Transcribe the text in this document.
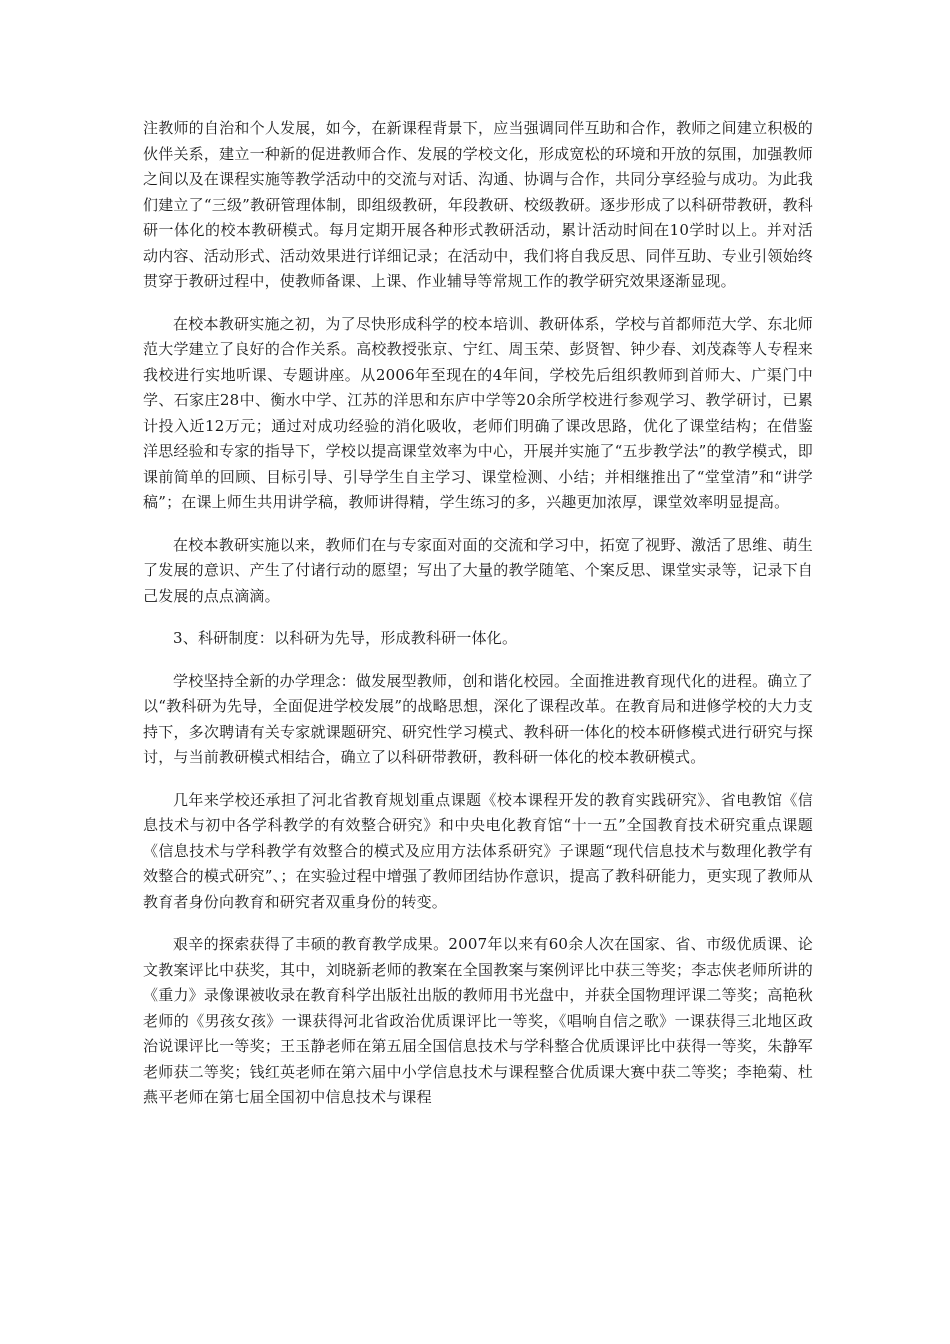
注教师的自治和个人发展，如今，在新课程背景下，应当强调同伴互助和合作，教师之间建立积极的伙伴关系，建立一种新的促进教师合作、发展的学校文化，形成宽松的环境和开放的氛围，加强教师之间以及在课程实施等教学活动中的交流与对话、沟通、协调与合作，共同分享经验与成功。为此我们建立了“三级”教研管理体制，即组级教研，年段教研、校级教研。逐步形成了以科研带教研，教科研一体化的校本教研模式。每月定期开展各种形式教研活动，累计活动时间在10学时以上。并对活动内容、活动形式、活动效果进行详细记录；在活动中，我们将自我反思、同伴互助、专业引领始终贯穿于教研过程中，使教师备课、上课、作业辅导等常规工作的教学研究效果逐渐显现。

在校本教研实施之初，为了尽快形成科学的校本培训、教研体系，学校与首都师范大学、东北师范大学建立了良好的合作关系。高校教授张京、宁红、周玉荣、彭贤智、钟少春、刘茂森等人专程来我校进行实地听课、专题讲座。从2006年至现在的4年间，学校先后组织教师到首师大、广渠门中学、石家庄28中、衡水中学、江苏的洋思和东庐中学等20余所学校进行参观学习、教学研讨，已累计投入近12万元；通过对成功经验的消化吸收，老师们明确了课改思路，优化了课堂结构；在借鉴洋思经验和专家的指导下，学校以提高课堂效率为中心，开展并实施了“五步教学法”的教学模式，即课前简单的回顾、目标引导、引导学生自主学习、课堂检测、小结；并相继推出了“堂堂清”和“讲学稿”；在课上师生共用讲学稿，教师讲得精，学生练习的多，兴趣更加浓厚，课堂效率明显提高。

在校本教研实施以来，教师们在与专家面对面的交流和学习中，拓宽了视野、激活了思维、萌生了发展的意识、产生了付诸行动的愿望；写出了大量的教学随笔、个案反思、课堂实录等，记录下自己发展的点点滴滴。

3、科研制度：以科研为先导，形成教科研一体化。

学校坚持全新的办学理念：做发展型教师，创和谐化校园。全面推进教育现代化的进程。确立了以“教科研为先导，全面促进学校发展”的战略思想，深化了课程改革。在教育局和进修学校的大力支持下，多次聘请有关专家就课题研究、研究性学习模式、教科研一体化的校本研修模式进行研究与探讨，与当前教研模式相结合，确立了以科研带教研，教科研一体化的校本教研模式。

几年来学校还承担了河北省教育规划重点课题《校本课程开发的教育实践研究》、省电教馆《信息技术与初中各学科教学的有效整合研究》和中央电化教育馆“十一五”全国教育技术研究重点课题《信息技术与学科教学有效整合的模式及应用方法体系研究》子课题“现代信息技术与数理化教学有效整合的模式研究”、；在实验过程中增强了教师团结协作意识，提高了教科研能力，更实现了教师从教育者身份向教育和研究者双重身份的转变。

艰辛的探索获得了丰硕的教育教学成果。2007年以来有60余人次在国家、省、市级优质课、论文教案评比中获奖，其中，刘晓新老师的教案在全国教案与案例评比中获三等奖；李志侠老师所讲的《重力》录像课被收录在教育科学出版社出版的教师用书光盘中，并获全国物理评课二等奖；高艳秋老师的《男孩女孩》一课获得河北省政治优质课评比一等奖，《唱响自信之歌》一课获得三北地区政治说课评比一等奖；王玉静老师在第五届全国信息技术与学科整合优质课评比中获得一等奖，朱静军老师获二等奖；钱红英老师在第六届中小学信息技术与课程整合优质课大赛中获二等奖；李艳菊、杜燕平老师在第七届全国初中信息技术与课程
